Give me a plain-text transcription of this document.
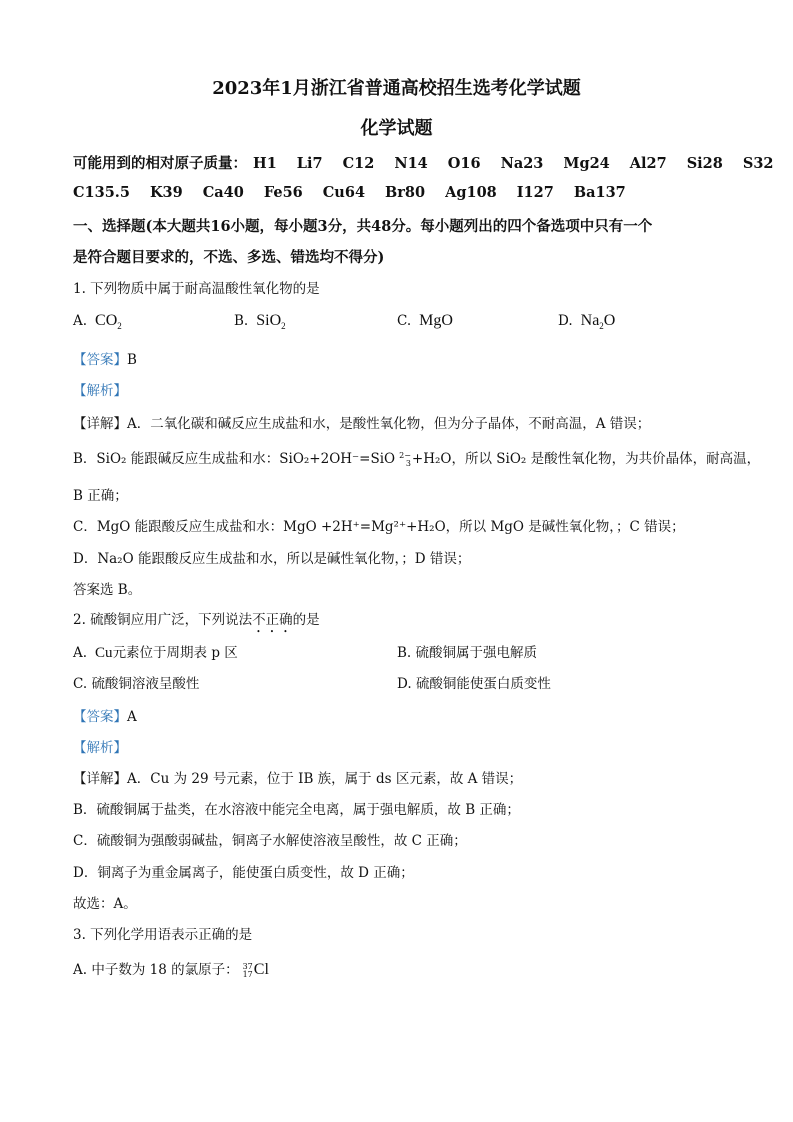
2023年1月浙江省普通高校招生选考化学试题
化学试题
可能用到的相对原子质量： H1 Li7 C12 N14 O16 Na23 Mg24 Al27 Si28 S32
C135.5 K39 Ca40 Fe56 Cu64 Br80 Ag108 I127 Ba137
一、选择题(本大题共16小题，每小题3分，共48分。每小题列出的四个备选项中只有一个
是符合题目要求的，不选、多选、错选均不得分)
1. 下列物质中属于耐高温酸性氧化物的是
A. $CO_2$	B. SiO$_2$	C. MgO	D. $Na_2O$
【答案】B
【解析】
【详解】A．二氧化碳和碱反应生成盐和水，是酸性氧化物，但为分子晶体，不耐高温，A 错误；
B．SiO₂ 能跟碱反应生成盐和水：SiO₂+2OH⁻=SiO 2−
3+H₂O，所以 SiO₂ 是酸性氧化物，为共价晶体，耐高温，
B 正确；
C．MgO 能跟酸反应生成盐和水：MgO +2H⁺=Mg²⁺+H₂O，所以 MgO 是碱性氧化物，；C 错误；
D．Na₂O 能跟酸反应生成盐和水，所以是碱性氧化物，；D 错误；
答案选 B。
2. 硫酸铜应用广泛，下列说法不正确的是
A. Cu元素位于周期表 p 区	B. 硫酸铜属于强电解质
C. 硫酸铜溶液呈酸性	D. 硫酸铜能使蛋白质变性
【答案】A
【解析】
【详解】A．Cu 为 29 号元素，位于 IB 族，属于 ds 区元素，故 A 错误；
B．硫酸铜属于盐类，在水溶液中能完全电离，属于强电解质，故 B 正确；
C．硫酸铜为强酸弱碱盐，铜离子水解使溶液呈酸性，故 C 正确；
D．铜离子为重金属离子，能使蛋白质变性，故 D 正确；
故选：A。
3. 下列化学用语表示正确的是
A. 中子数为 18 的氯原子： 37
17Cl
